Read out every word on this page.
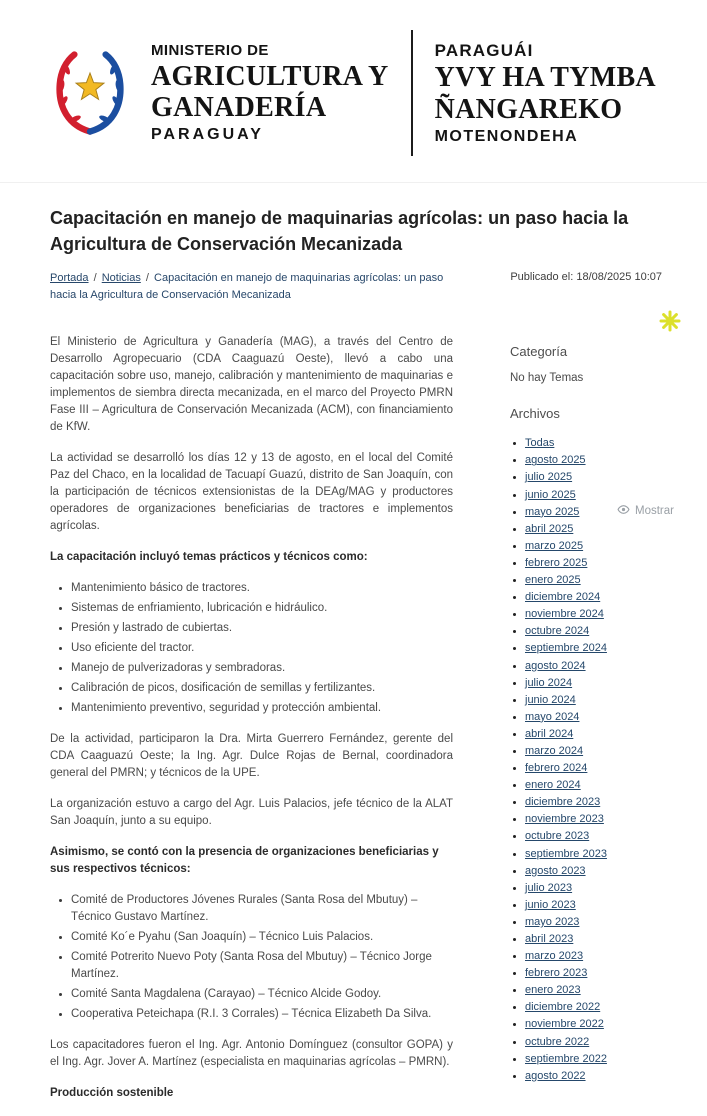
MINISTERIO DE
AGRICULTURA Y
GANADERÍA
PARAGUAY
PARAGUÁI
YVY HA TYMBA
ÑANGAREKO
MOTENONDEHA
Capacitación en manejo de maquinarias agrícolas: un paso hacia la Agricultura de Conservación Mecanizada
Portada / Noticias / Capacitación en manejo de maquinarias agrícolas: un paso hacia la Agricultura de Conservación Mecanizada
Publicado el: 18/08/2025 10:07

El Ministerio de Agricultura y Ganadería (MAG), a través del Centro de Desarrollo Agropecuario (CDA Caaguazú Oeste), llevó a cabo una capacitación sobre uso, manejo, calibración y mantenimiento de maquinarias e implementos de siembra directa mecanizada, en el marco del Proyecto PMRN Fase III – Agricultura de Conservación Mecanizada (ACM), con financiamiento de KfW.

La actividad se desarrolló los días 12 y 13 de agosto, en el local del Comité Paz del Chaco, en la localidad de Tacuapí Guazú, distrito de San Joaquín, con la participación de técnicos extensionistas de la DEAg/MAG y productores operadores de organizaciones beneficiarias de tractores e implementos agrícolas.

La capacitación incluyó temas prácticos y técnicos como:

• Mantenimiento básico de tractores.
• Sistemas de enfriamiento, lubricación e hidráulico.
• Presión y lastrado de cubiertas.
• Uso eficiente del tractor.
• Manejo de pulverizadoras y sembradoras.
• Calibración de picos, dosificación de semillas y fertilizantes.
• Mantenimiento preventivo, seguridad y protección ambiental.

De la actividad, participaron la Dra. Mirta Guerrero Fernández, gerente del CDA Caaguazú Oeste; la Ing. Agr. Dulce Rojas de Bernal, coordinadora general del PMRN; y técnicos de la UPE.

La organización estuvo a cargo del Agr. Luis Palacios, jefe técnico de la ALAT San Joaquín, junto a su equipo.

Asimismo, se contó con la presencia de organizaciones beneficiarias y sus respectivos técnicos:

• Comité de Productores Jóvenes Rurales (Santa Rosa del Mbutuy) – Técnico Gustavo Martínez.
• Comité Ko´e Pyahu (San Joaquín) – Técnico Luis Palacios.
• Comité Potrerito Nuevo Poty (Santa Rosa del Mbutuy) – Técnico Jorge Martínez.
• Comité Santa Magdalena (Carayao) – Técnico Alcide Godoy.
• Cooperativa Peteichapa (R.I. 3 Corrales) – Técnica Elizabeth Da Silva.

Los capacitadores fueron el Ing. Agr. Antonio Domínguez (consultor GOPA) y el Ing. Agr. Jover A. Martínez (especialista en maquinarias agrícolas – PMRN).

Producción sostenible

Categoría
No hay Temas
Archivos
• Todas
• agosto 2025
• julio 2025
• junio 2025
• mayo 2025
• abril 2025
• marzo 2025
• febrero 2025
• enero 2025
• diciembre 2024
• noviembre 2024
• octubre 2024
• septiembre 2024
• agosto 2024
• julio 2024
• junio 2024
• mayo 2024
• abril 2024
• marzo 2024
• febrero 2024
• enero 2024
• diciembre 2023
• noviembre 2023
• octubre 2023
• septiembre 2023
• agosto 2023
• julio 2023
• junio 2023
• mayo 2023
• abril 2023
• marzo 2023
• febrero 2023
• enero 2023
• diciembre 2022
• noviembre 2022
• octubre 2022
• septiembre 2022
• agosto 2022
Mostrar
